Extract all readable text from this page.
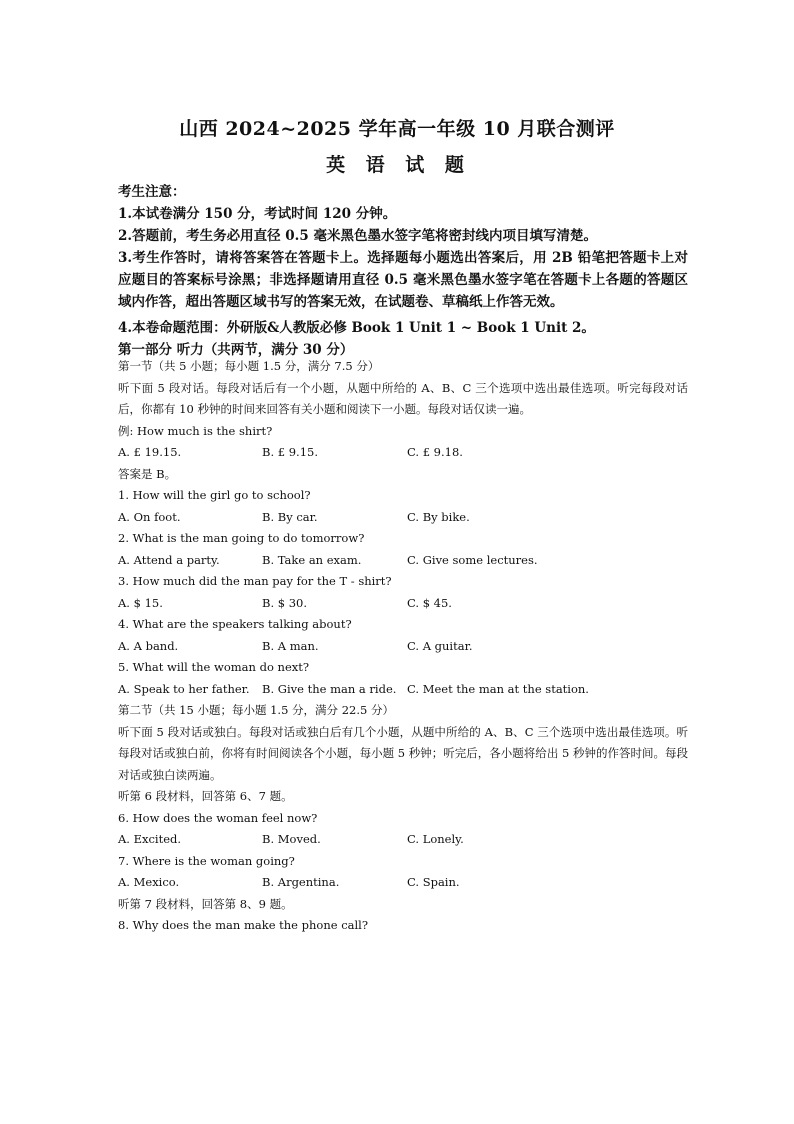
山西 2024~2025 学年高一年级 10 月联合测评
英 语 试 题

考生注意：

1.本试卷满分 150 分，考试时间 120 分钟。

2.答题前，考生务必用直径 0.5 毫米黑色墨水签字笔将密封线内项目填写清楚。

3.考生作答时，请将答案答在答题卡上。选择题每小题选出答案后，用 2B 铅笔把答题卡上对应题目的答案标号涂黑；非选择题请用直径 0.5 毫米黑色墨水签字笔在答题卡上各题的答题区域内作答，超出答题区域书写的答案无效，在试题卷、草稿纸上作答无效。

4.本卷命题范围：外研版&人教版必修 Book 1 Unit 1 ~ Book 1 Unit 2。

第一部分 听力（共两节，满分 30 分）

第一节（共 5 小题；每小题 1.5 分，满分 7.5 分）

听下面 5 段对话。每段对话后有一个小题，从题中所给的 A、B、C 三个选项中选出最佳选项。听完每段对话后，你都有 10 秒钟的时间来回答有关小题和阅读下一小题。每段对话仅读一遍。

例: How much is the shirt?

A. £ 19.15.	B. £ 9.15.	C. £ 9.18.

答案是 B。

1. How will the girl go to school?

A. On foot.	B. By car.	C. By bike.

2. What is the man going to do tomorrow?

A. Attend a party.	B. Take an exam.	C. Give some lectures.

3. How much did the man pay for the T - shirt?

A. $ 15.	B. $ 30.	C. $ 45.

4. What are the speakers talking about?

A. A band.	B. A man.	C. A guitar.

5. What will the woman do next?

A. Speak to her father.	B. Give the man a ride. C. Meet the man at the station.

第二节（共 15 小题；每小题 1.5 分，满分 22.5 分）

听下面 5 段对话或独白。每段对话或独白后有几个小题，从题中所给的 A、B、C 三个选项中选出最佳选项。听每段对话或独白前，你将有时间阅读各个小题，每小题 5 秒钟；听完后，各小题将给出 5 秒钟的作答时间。每段对话或独白读两遍。

听第 6 段材料，回答第 6、7 题。

6. How does the woman feel now?

A. Excited.	B. Moved.	C. Lonely.

7. Where is the woman going?

A. Mexico.	B. Argentina.	C. Spain.

听第 7 段材料，回答第 8、9 题。

8. Why does the man make the phone call?
